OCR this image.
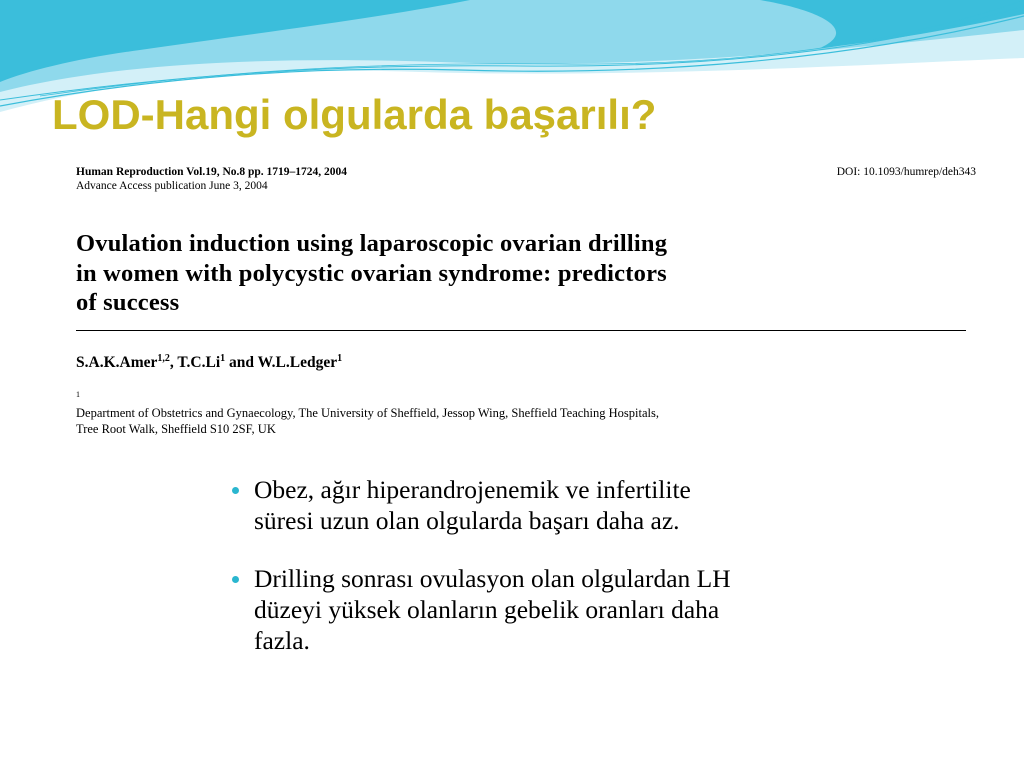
LOD-Hangi olgularda başarılı?
Human Reproduction Vol.19, No.8 pp. 1719–1724, 2004	DOI: 10.1093/humrep/deh343
Advance Access publication June 3, 2004
Ovulation induction using laparoscopic ovarian drilling
in women with polycystic ovarian syndrome: predictors
of success
S.A.K.Amer$^{1,2}$, T.C.Li$^1$ and W.L.Ledger$^1$
$^1$
Department of Obstetrics and Gynaecology, The University of Sheffield, Jessop Wing, Sheffield Teaching Hospitals,
Tree Root Walk, Sheffield S10 2SF, UK
Obez, ağır hiperandrojenemik ve infertilite
süresi uzun olan olgularda başarı daha az.
Drilling sonrası ovulasyon olan olgulardan LH
düzeyi yüksek olanların gebelik oranları daha
fazla.
